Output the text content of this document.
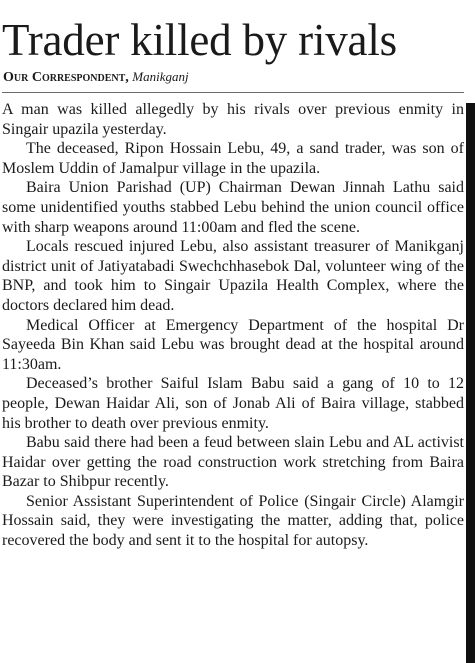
Trader killed by rivals
Our Correspondent, Manikganj

A man was killed allegedly by his rivals over previous enmity in Singair upazila yesterday.

The deceased, Ripon Hossain Lebu, 49, a sand trader, was son of Moslem Uddin of Jamalpur village in the upazila.

Baira Union Parishad (UP) Chairman Dewan Jinnah Lathu said some unidentified youths stabbed Lebu behind the union council office with sharp weapons around 11:00am and fled the scene.

Locals rescued injured Lebu, also assistant treasurer of Manikganj district unit of Jatiyatabadi Swechchhasebok Dal, volunteer wing of the BNP, and took him to Singair Upazila Health Complex, where the doctors declared him dead.

Medical Officer at Emergency Department of the hospital Dr Sayeeda Bin Khan said Lebu was brought dead at the hospital around 11:30am.

Deceased’s brother Saiful Islam Babu said a gang of 10 to 12 people, Dewan Haidar Ali, son of Jonab Ali of Baira village, stabbed his brother to death over previous enmity.

Babu said there had been a feud between slain Lebu and AL activist Haidar over getting the road construction work stretching from Baira Bazar to Shibpur recently.

Senior Assistant Superintendent of Police (Singair Circle) Alamgir Hossain said, they were investigating the matter, adding that, police recovered the body and sent it to the hospital for autopsy.
